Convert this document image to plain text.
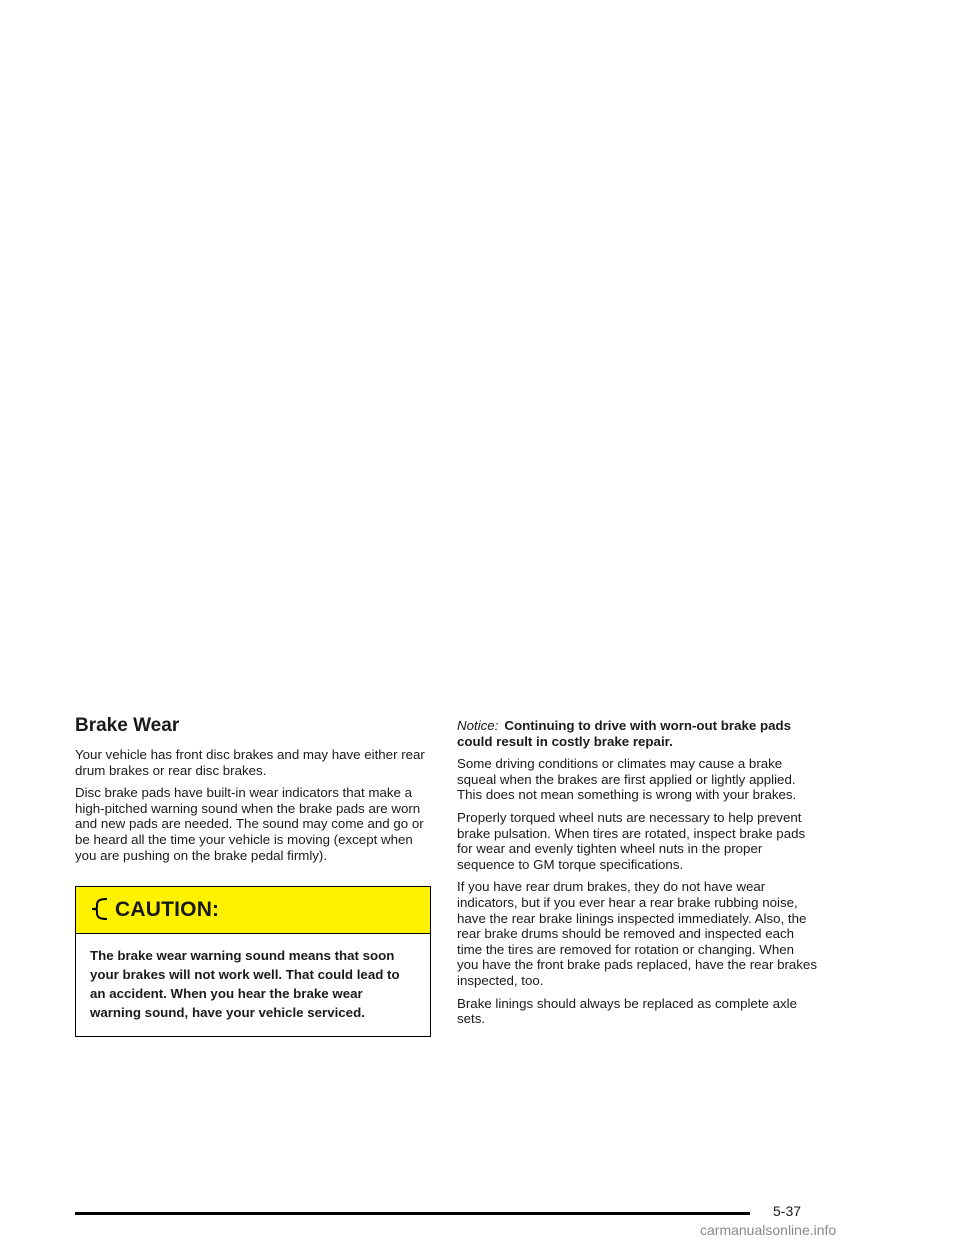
Brake Wear

Your vehicle has front disc brakes and may have either rear drum brakes or rear disc brakes.

Disc brake pads have built-in wear indicators that make a high-pitched warning sound when the brake pads are worn and new pads are needed. The sound may come and go or be heard all the time your vehicle is moving (except when you are pushing on the brake pedal firmly).

CAUTION:
The brake wear warning sound means that soon your brakes will not work well. That could lead to an accident. When you hear the brake wear warning sound, have your vehicle serviced.

Notice: Continuing to drive with worn-out brake pads could result in costly brake repair.

Some driving conditions or climates may cause a brake squeal when the brakes are first applied or lightly applied. This does not mean something is wrong with your brakes.

Properly torqued wheel nuts are necessary to help prevent brake pulsation. When tires are rotated, inspect brake pads for wear and evenly tighten wheel nuts in the proper sequence to GM torque specifications.

If you have rear drum brakes, they do not have wear indicators, but if you ever hear a rear brake rubbing noise, have the rear brake linings inspected immediately. Also, the rear brake drums should be removed and inspected each time the tires are removed for rotation or changing. When you have the front brake pads replaced, have the rear brakes inspected, too.

Brake linings should always be replaced as complete axle sets.

5-37
carmanualsonline.info
